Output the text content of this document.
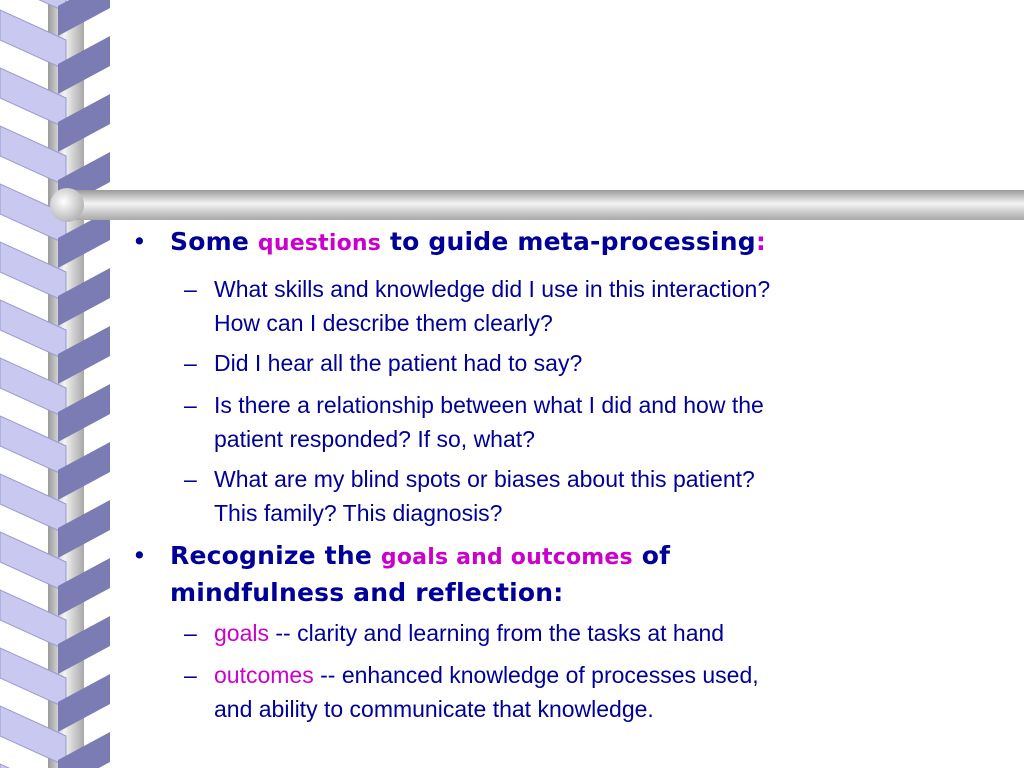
• Some questions to guide meta-processing:
– What skills and knowledge did I use in this interaction?
How can I describe them clearly?
– Did I hear all the patient had to say?
– Is there a relationship between what I did and how the
patient responded? If so, what?
– What are my blind spots or biases about this patient?
This family? This diagnosis?
• Recognize the goals and outcomes of
mindfulness and reflection:
– goals -- clarity and learning from the tasks at hand
– outcomes -- enhanced knowledge of processes used,
and ability to communicate that knowledge.
